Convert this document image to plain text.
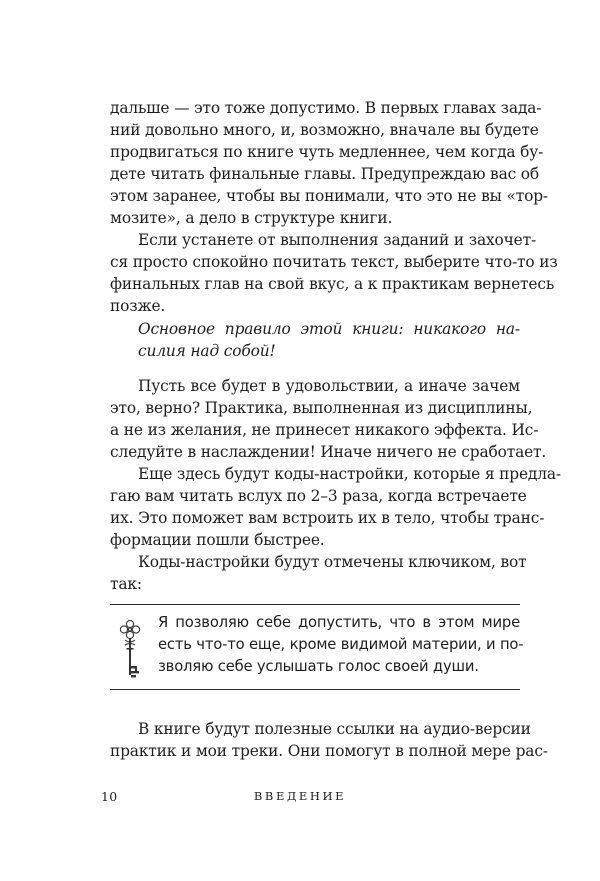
дальше — это тоже допустимо. В первых главах зада-
ний довольно много, и, возможно, вначале вы будете
продвигаться по книге чуть медленнее, чем когда бу-
дете читать финальные главы. Предупреждаю вас об
этом заранее, чтобы вы понимали, что это не вы «тор-
мозите», а дело в структуре книги.
Если устанете от выполнения заданий и захочет-
ся просто спокойно почитать текст, выберите что-то из
финальных глав на свой вкус, а к практикам вернетесь
позже.
Основное правило этой книги: никакого на-
силия над собой!
Пусть все будет в удовольствии, а иначе зачем
это, верно? Практика, выполненная из дисциплины,
а не из желания, не принесет никакого эффекта. Ис-
следуйте в наслаждении! Иначе ничего не сработает.
Еще здесь будут коды-настройки, которые я предла-
гаю вам читать вслух по 2–3 раза, когда встречаете
их. Это поможет вам встроить их в тело, чтобы транс-
формации пошли быстрее.
Коды-настройки будут отмечены ключиком, вот
так:
Я позволяю себе допустить, что в этом мире
есть что-то еще, кроме видимой материи, и по-
зволяю себе услышать голос своей души.
В книге будут полезные ссылки на аудио-версии
практик и мои треки. Они помогут в полной мере рас-
10	ВВЕДЕНИЕ
